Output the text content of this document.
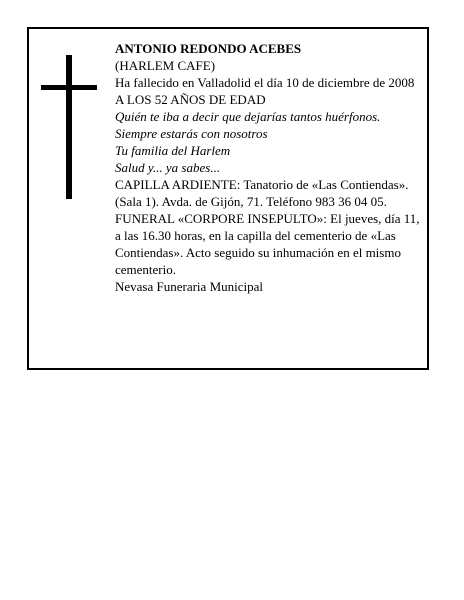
ANTONIO REDONDO ACEBES
(HARLEM CAFE)
Ha fallecido en Valladolid el día 10 de diciembre de 2008
A LOS 52 AÑOS DE EDAD
Quién te iba a decir que dejarías tantos huérfonos.
Siempre estarás con nosotros
Tu familia del Harlem
Salud y... ya sabes...
CAPILLA ARDIENTE: Tanatorio de «Las Contiendas». (Sala 1). Avda. de Gijón, 71. Teléfono 983 36 04 05.
FUNERAL «CORPORE INSEPULTO»: El jueves, día 11, a las 16.30 horas, en la capilla del cementerio de «Las Contiendas». Acto seguido su inhumación en el mismo cementerio.
Nevasa Funeraria Municipal
